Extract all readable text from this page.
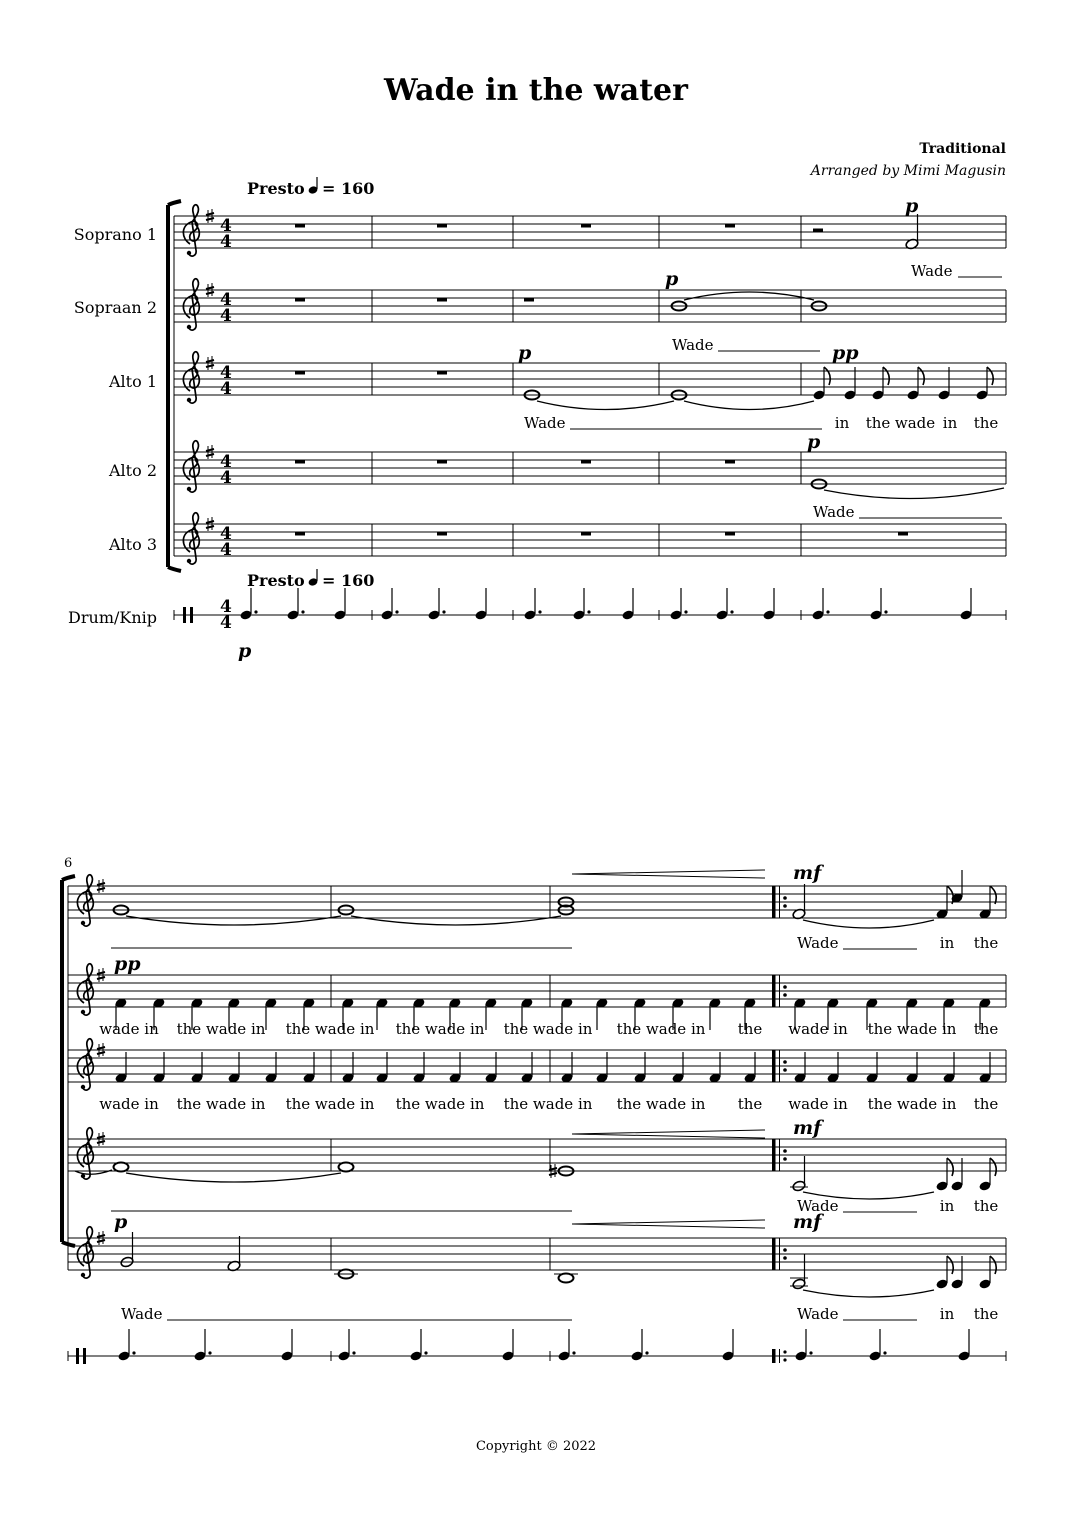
Wade in the water
Traditional
Arranged by Mimi Magusin
Presto = 160
Presto = 160
Soprano 1
Sopraan 2
Alto 1
Alto 2
Alto 3
Drum/Knip
4
4
4
4
4
4
4
4
4
4
4
4
p
Wade
p
Wade
p	pp
Wade	in the wade in the
p
Wade
p
6	mf
Wade	in the
pp
wade in the wade in the wade in the wade in the wade in the wade in the wade in the wade in the
wade in the wade in the wade in the wade in the wade in the wade in the wade in the wade in the
mf
Wade	in the
p	mf
Wade	Wade	in the
Copyright © 2022
